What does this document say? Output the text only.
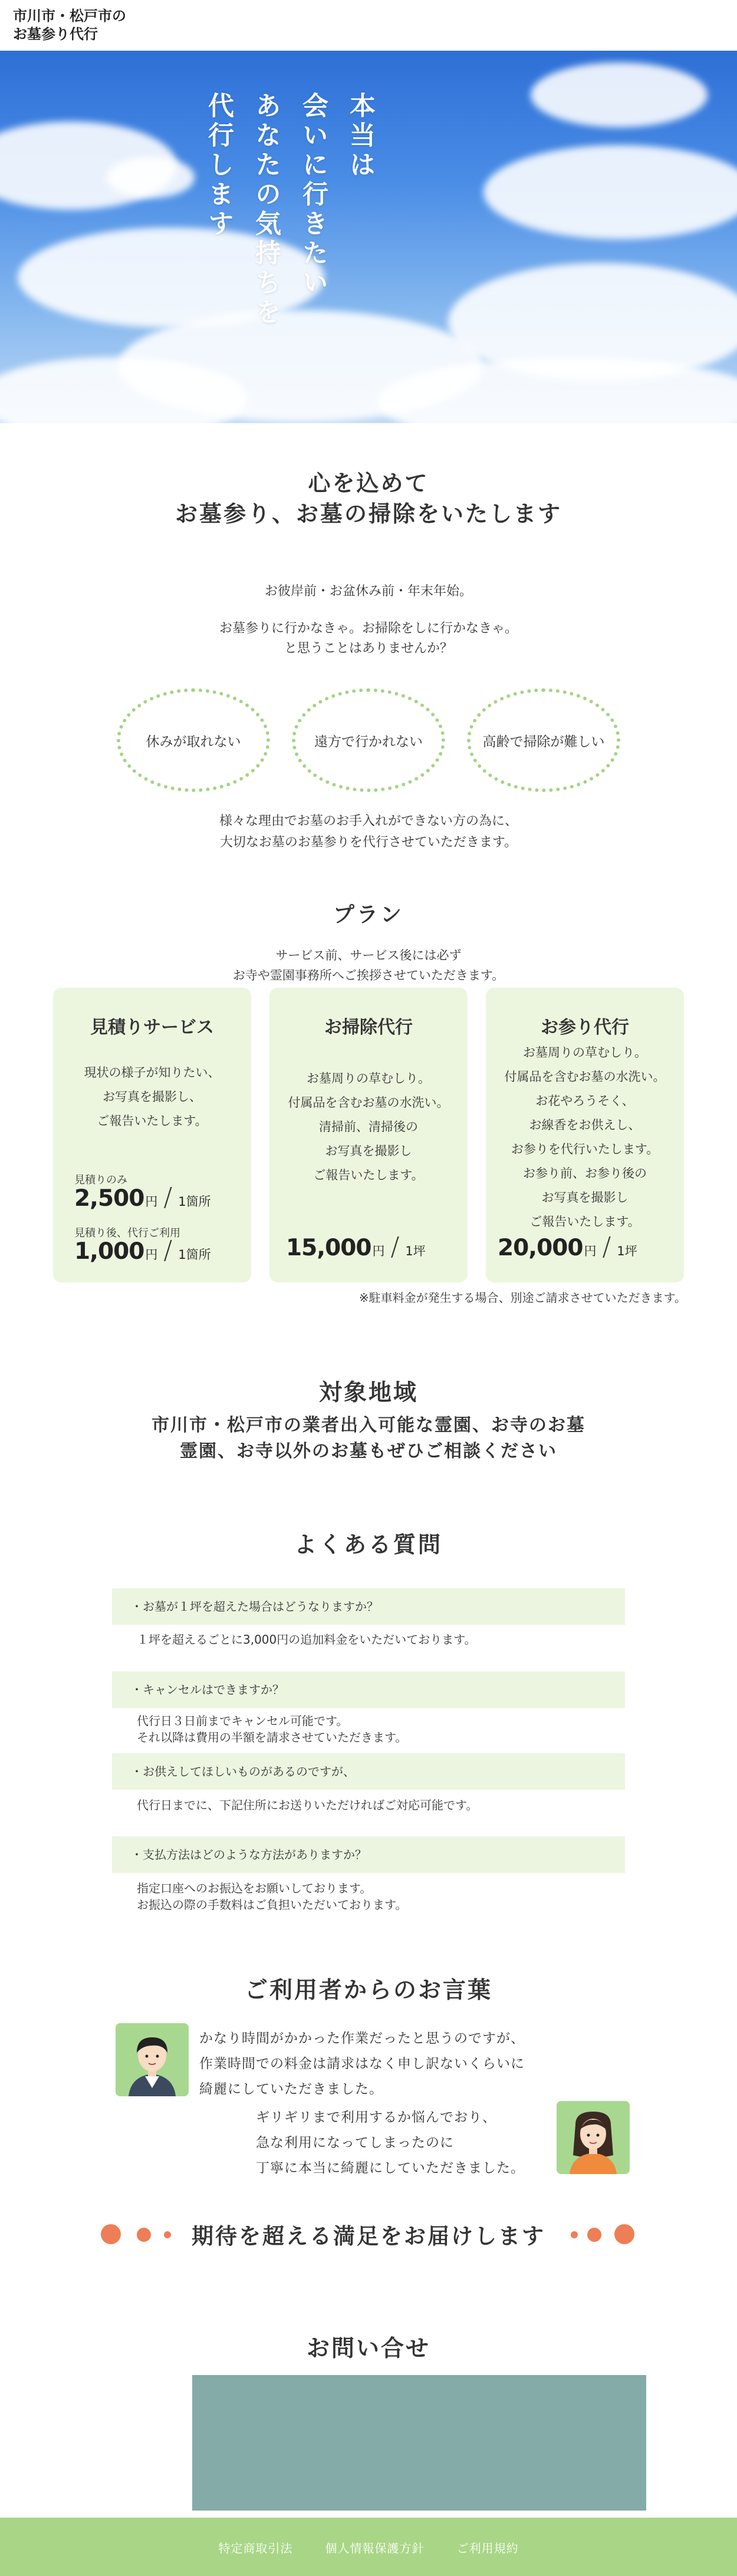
市川市・松戸市の
お墓参り代行
本当は
会いに行きたい
あなたの気持ちを
代行します
心を込めて
お墓参り、お墓の掃除をいたします
お彼岸前・お盆休み前・年末年始。
お墓参りに行かなきゃ。お掃除をしに行かなきゃ。
と思うことはありませんか？
休みが取れない	遠方で行かれない	高齢で掃除が難しい
様々な理由でお墓のお手入れができない方の為に、
大切なお墓のお墓参りを代行させていただきます。
プラン
サービス前、サービス後には必ず
お寺や霊園事務所へご挨拶させていただきます。
見積りサービス
現状の様子が知りたい、
お写真を撮影し、
ご報告いたします。
見積りのみ
2,500 円 / 1箇所
見積り後、代行ご利用
1,000 円 / 1箇所
お掃除代行
お墓周りの草むしり。
付属品を含むお墓の水洗い。
清掃前、清掃後の
お写真を撮影し
ご報告いたします。
15,000 円 / 1坪
お参り代行
お墓周りの草むしり。
付属品を含むお墓の水洗い。
お花やろうそく、
お線香をお供えし、
お参りを代行いたします。
お参り前、お参り後の
お写真を撮影し
ご報告いたします。
20,000 円 / 1坪
※駐車料金が発生する場合、別途ご請求させていただきます。
対象地域
市川市・松戸市の業者出入可能な霊園、お寺のお墓
霊園、お寺以外のお墓もぜひご相談ください
よくある質問
・お墓が１坪を超えた場合はどうなりますか？
１坪を超えるごとに3,000円の追加料金をいただいております。
・キャンセルはできますか？
代行日３日前までキャンセル可能です。
それ以降は費用の半額を請求させていただきます。
・お供えしてほしいものがあるのですが、
代行日までに、下記住所にお送りいただければご対応可能です。
・支払方法はどのような方法がありますか？
指定口座へのお振込をお願いしております。
お振込の際の手数料はご負担いただいております。
ご利用者からのお言葉
かなり時間がかかった作業だったと思うのですが、
作業時間での料金は請求はなく申し訳ないくらいに
綺麗にしていただきました。
ギリギリまで利用するか悩んでおり、
急な利用になってしまったのに
丁寧に本当に綺麗にしていただきました。
期待を超える満足をお届けします
お問い合せ
特定商取引法	個人情報保護方針	ご利用規約
